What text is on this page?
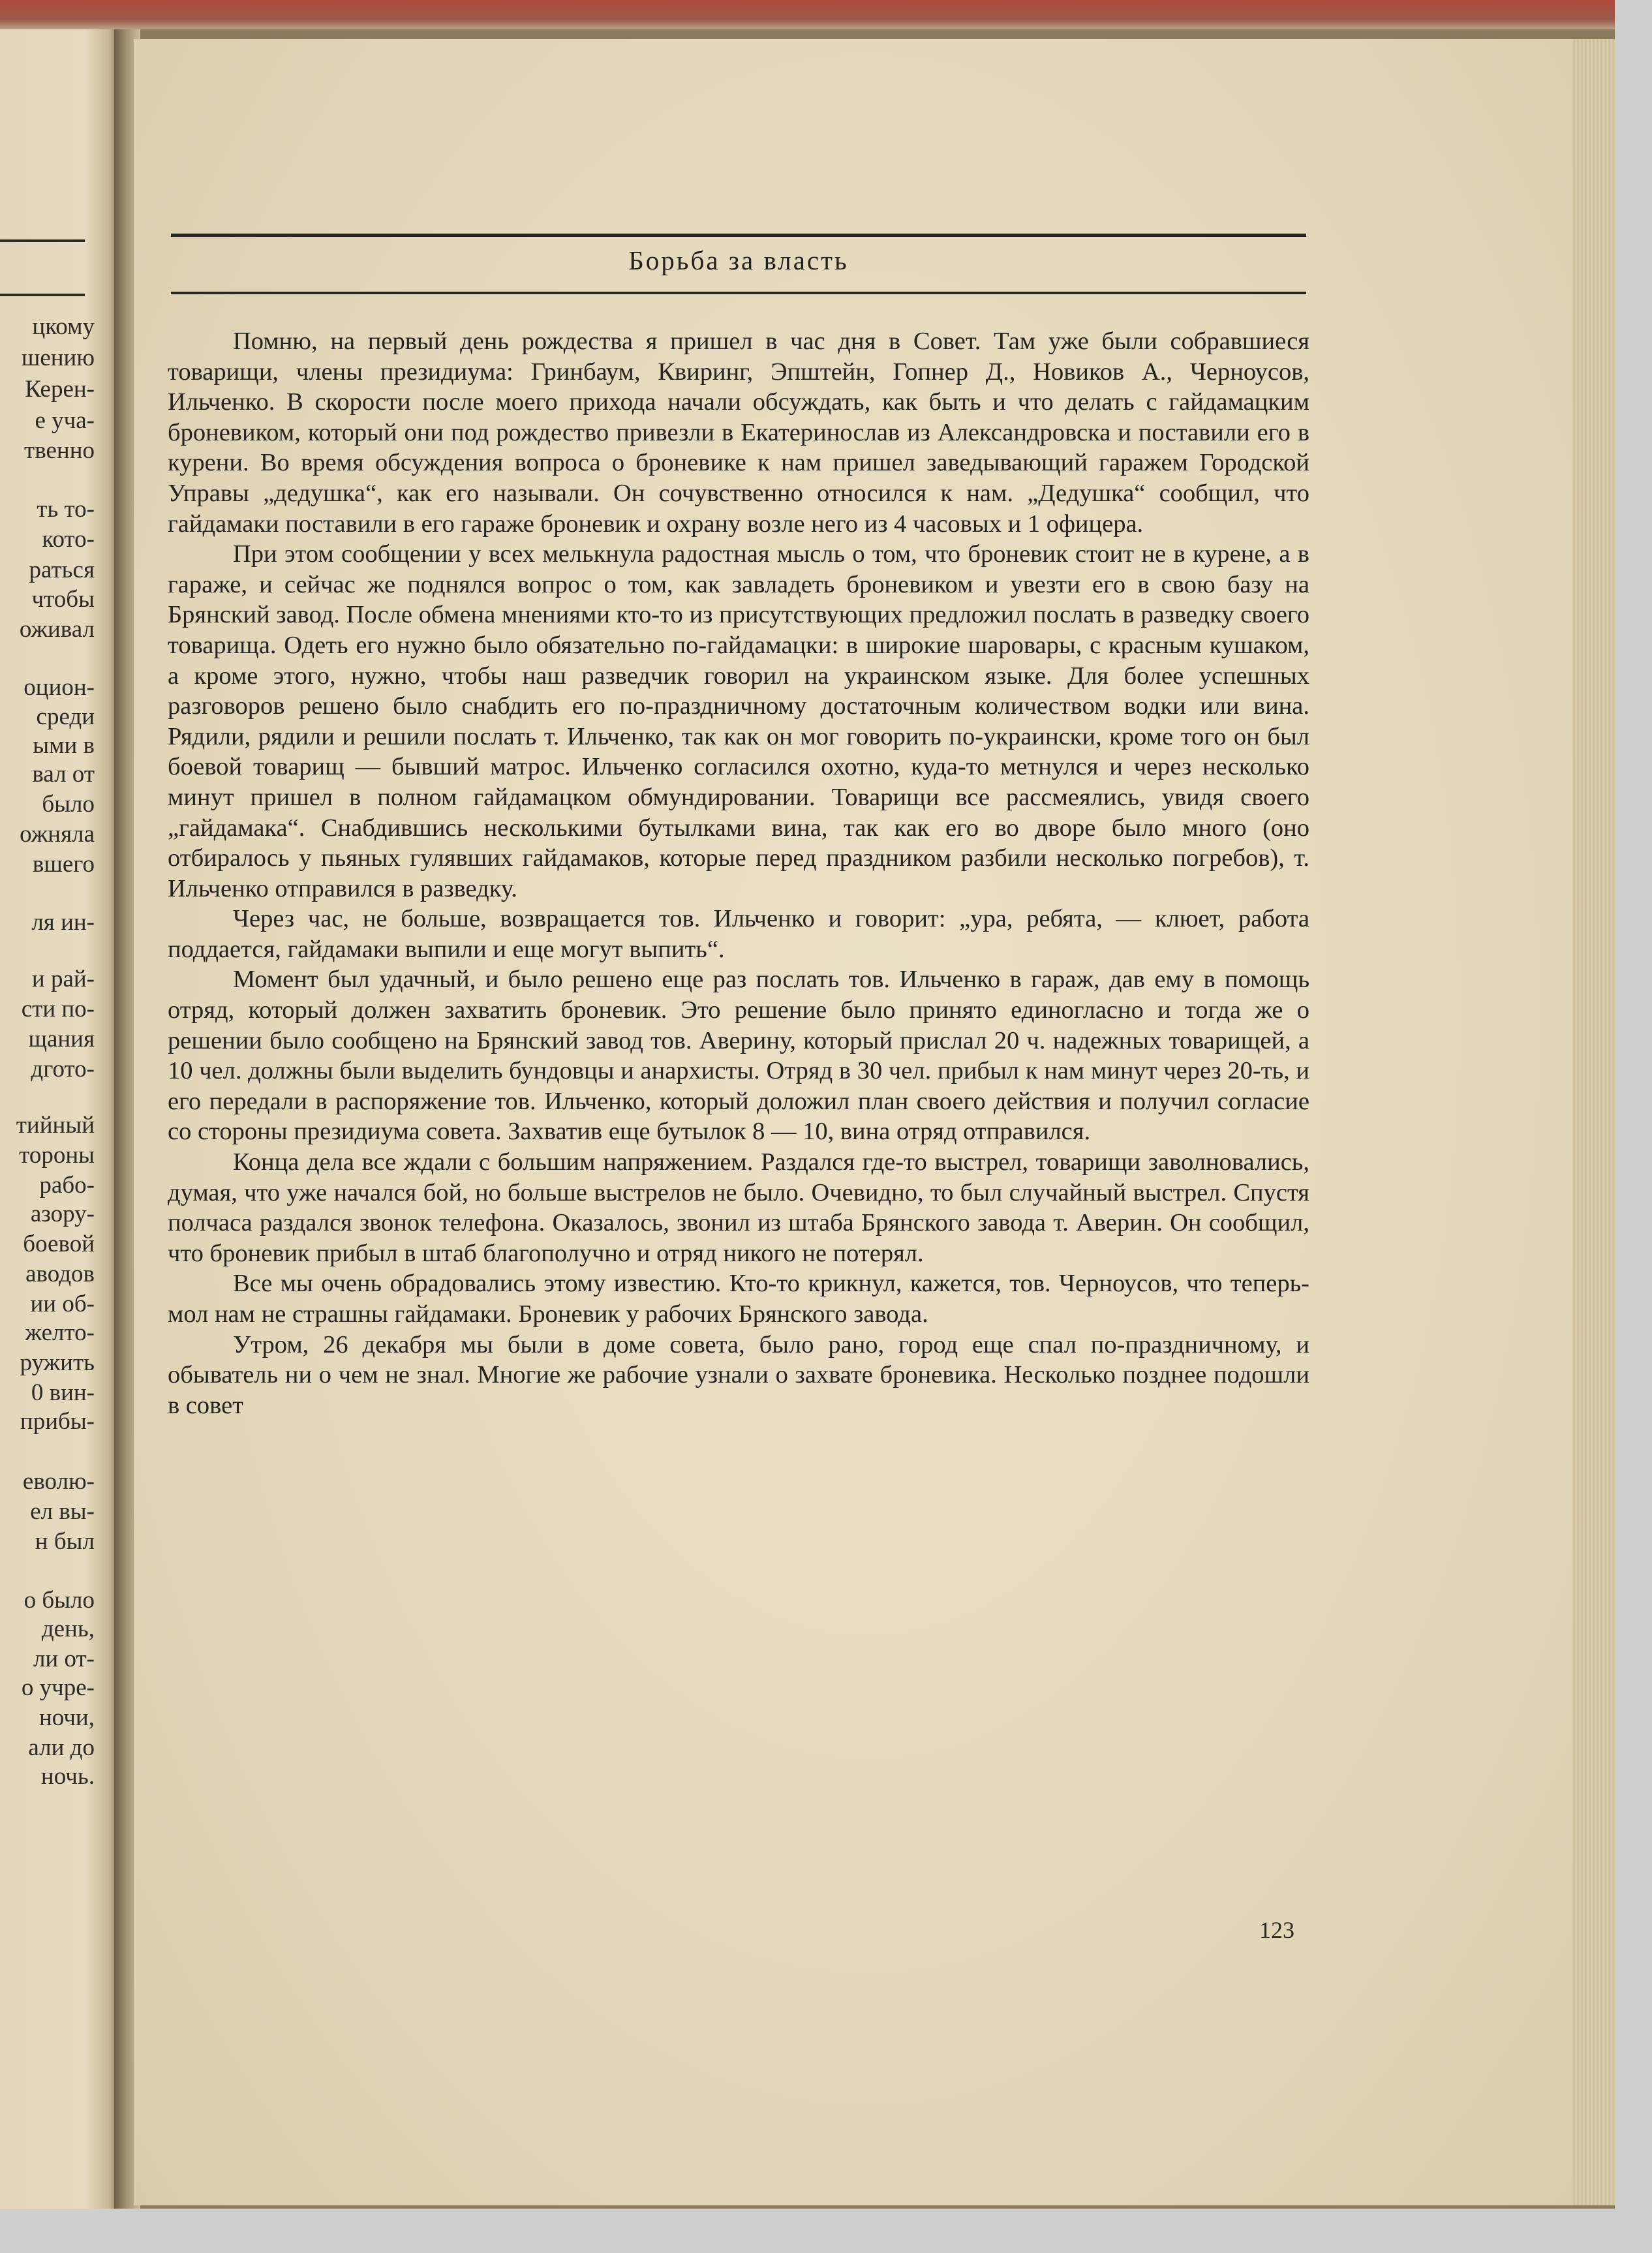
цкому
шению
Керен-
е уча-
твенно
ть то-
кото-
раться
чтобы
оживал
оцион-
среди
ыми в
вал от
было
ожняла
вшего
ля ин-
и рай-
сти по-
щания
дгото-
тийный
тороны
рабо-
азору-
боевой
аводов
ии об-
желто-
ружить
0 вин-
прибы-
еволю-
ел вы-
н был
о было
день,
ли от-
о учре-
ночи,
али до
ночь.
Борьба за власть

Помню, на первый день рождества я пришел в час дня в Совет. Там уже были собравшиеся товарищи, члены президиума: Гринбаум, Квиринг, Эпштейн, Гопнер Д., Новиков А., Черноусов, Ильченко. В скорости после моего прихода начали обсуждать, как быть и что делать с гайдамацким броневиком, который они под рождество привезли в Екатеринослав из Александровска и поставили его в курени. Во время обсуждения вопроса о броневике к нам пришел заведывающий гаражем Городской Управы „дедушка“, как его называли. Он сочувственно относился к нам. „Дедушка“ сообщил, что гайдамаки поставили в его гараже броневик и охрану возле него из 4 часовых и 1 офицера.

При этом сообщении у всех мелькнула радостная мысль о том, что броневик стоит не в курене, а в гараже, и сейчас же поднялся вопрос о том, как завладеть броневиком и увезти его в свою базу на Брянский завод. После обмена мнениями кто-то из присутствующих предложил послать в разведку своего товарища. Одеть его нужно было обязательно по-гайдамацки: в широкие шаровары, с красным кушаком, а кроме этого, нужно, чтобы наш разведчик говорил на украинском языке. Для более успешных разговоров решено было снабдить его по-праздничному достаточным количеством водки или вина. Рядили, рядили и решили послать т. Ильченко, так как он мог говорить по-украински, кроме того он был боевой товарищ — бывший матрос. Ильченко согласился охотно, куда-то метнулся и через несколько минут пришел в полном гайдамацком обмундировании. Товарищи все рассмеялись, увидя своего „гайдамака“. Снабдившись несколькими бутылками вина, так как его во дворе было много (оно отбиралось у пьяных гулявших гайдамаков, которые перед праздником разбили несколько погребов), т. Ильченко отправился в разведку.

Через час, не больше, возвращается тов. Ильченко и говорит: „ура, ребята, — клюет, работа поддается, гайдамаки выпили и еще могут выпить“.

Момент был удачный, и было решено еще раз послать тов. Ильченко в гараж, дав ему в помощь отряд, который должен захватить броневик. Это решение было принято единогласно и тогда же о решении было сообщено на Брянский завод тов. Аверину, который прислал 20 ч. надежных товарищей, а 10 чел. должны были выделить бундовцы и анархисты. Отряд в 30 чел. прибыл к нам минут через 20-ть, и его передали в распоряжение тов. Ильченко, который доложил план своего действия и получил согласие со стороны президиума совета. Захватив еще бутылок 8 — 10, вина отряд отправился.

Конца дела все ждали с большим напряжением. Раздался где-то выстрел, товарищи заволновались, думая, что уже начался бой, но больше выстрелов не было. Очевидно, то был случайный выстрел. Спустя полчаса раздался звонок телефона. Оказалось, звонил из штаба Брянского завода т. Аверин. Он сообщил, что броневик прибыл в штаб благополучно и отряд никого не потерял.

Все мы очень обрадовались этому известию. Кто-то крикнул, кажется, тов. Черноусов, что теперь-мол нам не страшны гайдамаки. Броневик у рабочих Брянского завода.

Утром, 26 декабря мы были в доме совета, было рано, город еще спал по-праздничному, и обыватель ни о чем не знал. Многие же рабочие узнали о захвате броневика. Несколько позднее подошли в совет

123
